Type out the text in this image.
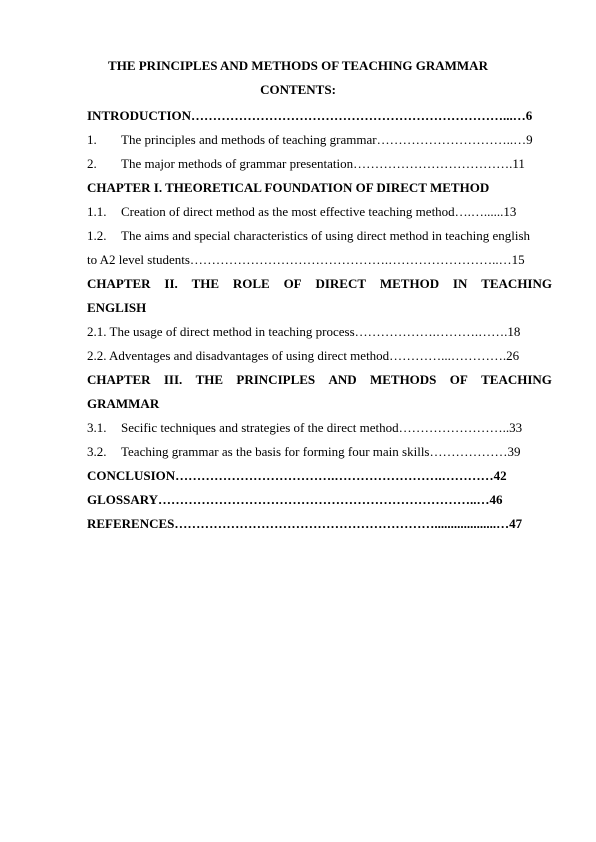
THE PRINCIPLES AND METHODS OF TEACHING GRAMMAR
CONTENTS:
INTRODUCTION………………………………………………………………...…6
1. The principles and methods of teaching grammar…………………………..…9
2. The major methods of grammar presentation……………………………….11
CHAPTER I. THEORETICAL FOUNDATION OF DIRECT METHOD
1.1. Creation of direct method as the most effective teaching method….…......13
1.2. The aims and special characteristics of using direct method in teaching english
to A2 level students……………………………………….……………………..…15
CHAPTER II. THE ROLE OF DIRECT METHOD IN TEACHING
ENGLISH
2.1. The usage of direct method in teaching process……………….……….…….18
2.2. Adventages and disadvantages of using direct method…………...………….26
CHAPTER III. THE PRINCIPLES AND METHODS OF TEACHING
GRAMMAR
3.1. Secific techniques and strategies of the direct method……………………..33
3.2. Teaching grammar as the basis for forming four main skills………………39
CONCLUSION……………………………….…………………….…………42
GLOSSARY………………………………………………………………..…46
REFERENCES……………………………………………………...................…47
